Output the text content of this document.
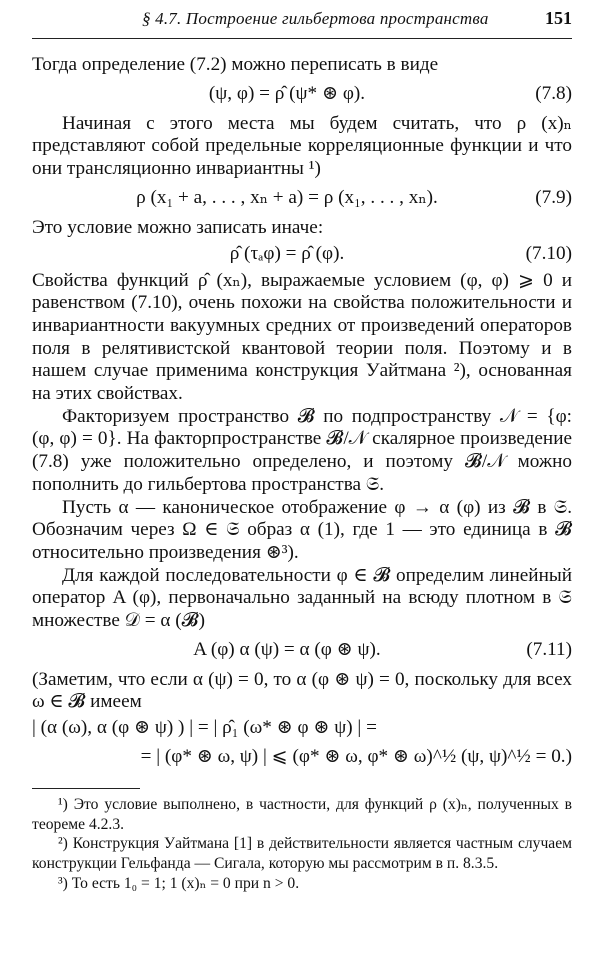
§ 4.7. Построение гильбертова пространства	151

Тогда определение (7.2) можно переписать в виде

(ψ, φ) = ρ̂ (ψ* ⊛ φ).	(7.8)

Начиная с этого места мы будем считать, что ρ (x)ₙ представляют собой предельные корреляционные функции и что они трансляционно инвариантны ¹)

ρ (x₁ + a, . . . , xₙ + a) = ρ (x₁, . . . , xₙ).	(7.9)

Это условие можно записать иначе:

ρ̂ (τₐφ) = ρ̂ (φ).	(7.10)

Свойства функций ρ̂ (xₙ), выражаемые условием (φ, φ) ⩾ 0 и равенством (7.10), очень похожи на свойства положительности и инвариантности вакуумных средних от произведений операторов поля в релятивистской квантовой теории поля. Поэтому и в нашем случае применима конструкция Уайтмана ²), основанная на этих свойствах.

Факторизуем пространство 𝓑 по подпространству 𝒩 = {φ: (φ, φ) = 0}. На факторпространстве 𝓑/𝒩 скалярное произведение (7.8) уже положительно определено, и поэтому 𝓑/𝒩 можно пополнить до гильбертова пространства 𝔖.

Пусть α — каноническое отображение φ → α (φ) из 𝓑 в 𝔖. Обозначим через Ω ∈ 𝔖 образ α (1), где 1 — это единица в 𝓑 относительно произведения ⊛³).

Для каждой последовательности φ ∈ 𝓑 определим линейный оператор A (φ), первоначально заданный на всюду плотном в 𝔖 множестве 𝒟 = α (𝓑)

A (φ) α (ψ) = α (φ ⊛ ψ).	(7.11)

(Заметим, что если α (ψ) = 0, то α (φ ⊛ ψ) = 0, поскольку для всех ω ∈ 𝓑 имеем

| (α (ω), α (φ ⊛ ψ) ) | = | ρ̂₁ (ω* ⊛ φ ⊛ ψ) | =
= | (φ* ⊛ ω, ψ) | ⩽ (φ* ⊛ ω, φ* ⊛ ω)^½ (ψ, ψ)^½ = 0.)

¹) Это условие выполнено, в частности, для функций ρ (x)ₙ, полученных в теореме 4.2.3.

²) Конструкция Уайтмана [1] в действительности является частным случаем конструкции Гельфанда — Сигала, которую мы рассмотрим в п. 8.3.5.

³) То есть 1₀ = 1; 1 (x)ₙ = 0 при n > 0.
